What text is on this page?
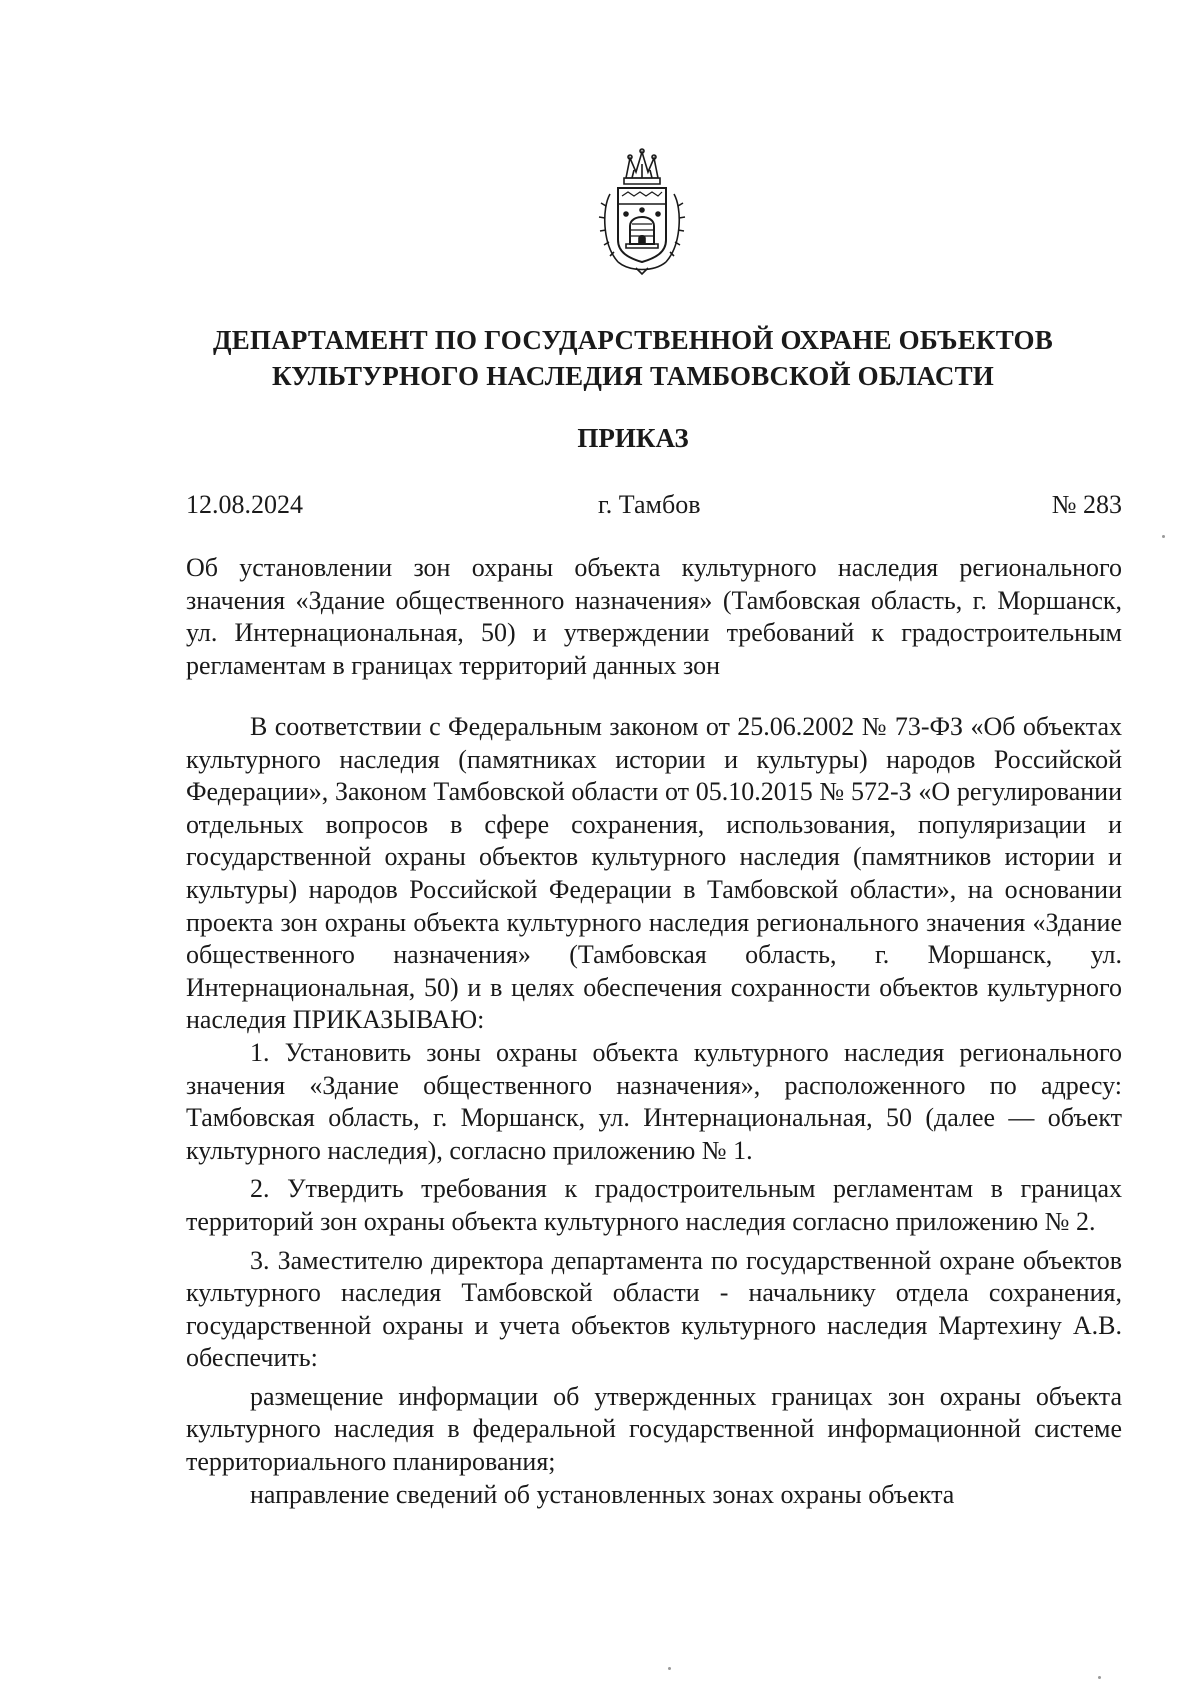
ДЕПАРТАМЕНТ ПО ГОСУДАРСТВЕННОЙ ОХРАНЕ ОБЪЕКТОВ
КУЛЬТУРНОГО НАСЛЕДИЯ ТАМБОВСКОЙ ОБЛАСТИ
ПРИКАЗ
12.08.2024	г. Тамбов	№ 283

Об установлении зон охраны объекта культурного наследия регионального значения «Здание общественного назначения» (Тамбовская область, г. Моршанск, ул. Интернациональная, 50) и утверждении требований к градостроительным регламентам в границах территорий данных зон

В соответствии с Федеральным законом от 25.06.2002 № 73-ФЗ «Об объектах культурного наследия (памятниках истории и культуры) народов Российской Федерации», Законом Тамбовской области от 05.10.2015 № 572-З «О регулировании отдельных вопросов в сфере сохранения, использования, популяризации и государственной охраны объектов культурного наследия (памятников истории и культуры) народов Российской Федерации в Тамбовской области», на основании проекта зон охраны объекта культурного наследия регионального значения «Здание общественного назначения» (Тамбовская область, г. Моршанск, ул. Интернациональная, 50) и в целях обеспечения сохранности объектов культурного наследия ПРИКАЗЫВАЮ:

1. Установить зоны охраны объекта культурного наследия регионального значения «Здание общественного назначения», расположенного по адресу: Тамбовская область, г. Моршанск, ул. Интернациональная, 50 (далее — объект культурного наследия), согласно приложению № 1.

2. Утвердить требования к градостроительным регламентам в границах территорий зон охраны объекта культурного наследия согласно приложению № 2.

3. Заместителю директора департамента по государственной охране объектов культурного наследия Тамбовской области - начальнику отдела сохранения, государственной охраны и учета объектов культурного наследия Мартехину А.В. обеспечить:

размещение информации об утвержденных границах зон охраны объекта культурного наследия в федеральной государственной информационной системе территориального планирования;

направление сведений об установленных зонах охраны объекта
